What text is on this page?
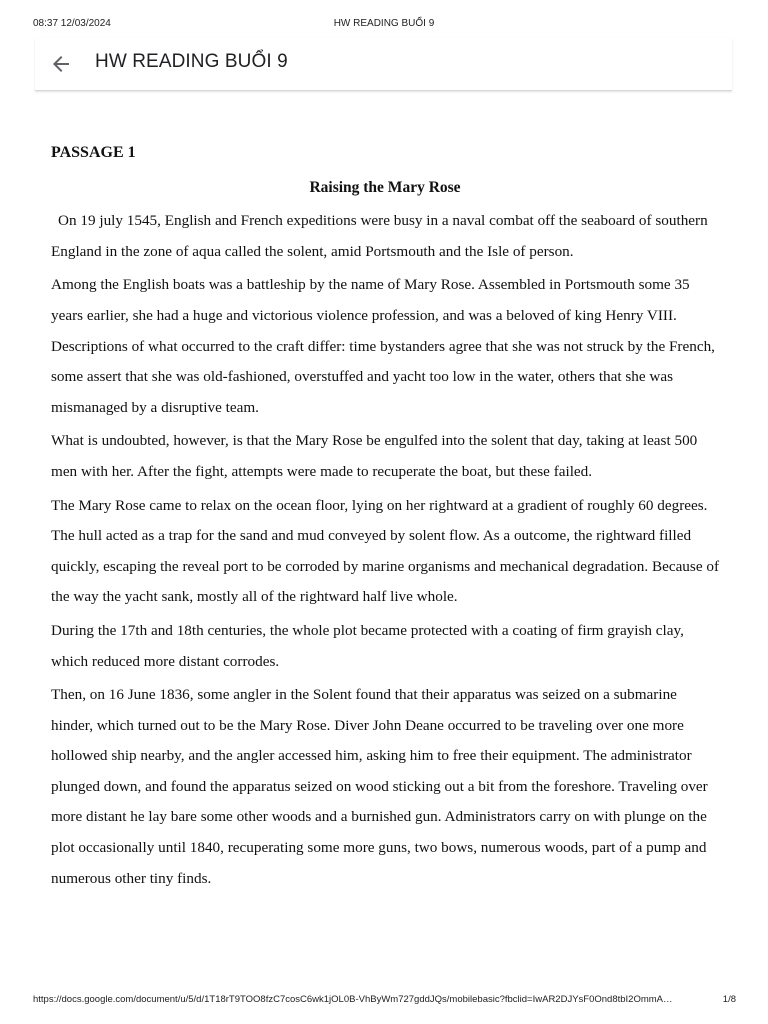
08:37 12/03/2024	HW READING BUỔI 9
HW READING BUỔI 9

PASSAGE 1

Raising the Mary Rose

On 19 july 1545, English and French expeditions were busy in a naval combat off the seaboard of southern England in the zone of aqua called the solent, amid Portsmouth and the Isle of person.

Among the English boats was a battleship by the name of Mary Rose. Assembled in Portsmouth some 35 years earlier, she had a huge and victorious violence profession, and was a beloved of king Henry VIII. Descriptions of what occurred to the craft differ: time bystanders agree that she was not struck by the French, some assert that she was old-fashioned, overstuffed and yacht too low in the water, others that she was mismanaged by a disruptive team.

What is undoubted, however, is that the Mary Rose be engulfed into the solent that day, taking at least 500 men with her. After the fight, attempts were made to recuperate the boat, but these failed.

The Mary Rose came to relax on the ocean floor, lying on her rightward at a gradient of roughly 60 degrees. The hull acted as a trap for the sand and mud conveyed by solent flow. As a outcome, the rightward filled quickly, escaping the reveal port to be corroded by marine organisms and mechanical degradation. Because of the way the yacht sank, mostly all of the rightward half live whole.

During the 17th and 18th centuries, the whole plot became protected with a coating of firm grayish clay, which reduced more distant corrodes.

Then, on 16 June 1836, some angler in the Solent found that their apparatus was seized on a submarine hinder, which turned out to be the Mary Rose. Diver John Deane occurred to be traveling over one more hollowed ship nearby, and the angler accessed him, asking him to free their equipment. The administrator plunged down, and found the apparatus seized on wood sticking out a bit from the foreshore. Traveling over more distant he lay bare some other woods and a burnished gun. Administrators carry on with plunge on the plot occasionally until 1840, recuperating some more guns, two bows, numerous woods, part of a pump and numerous other tiny finds.

https://docs.google.com/document/u/5/d/1T18rT9TOO8fzC7cosC6wk1jOL0B-VhByWm727gddJQs/mobilebasic?fbclid=IwAR2DJYsF0Ond8tbI2OmmA…	1/8
